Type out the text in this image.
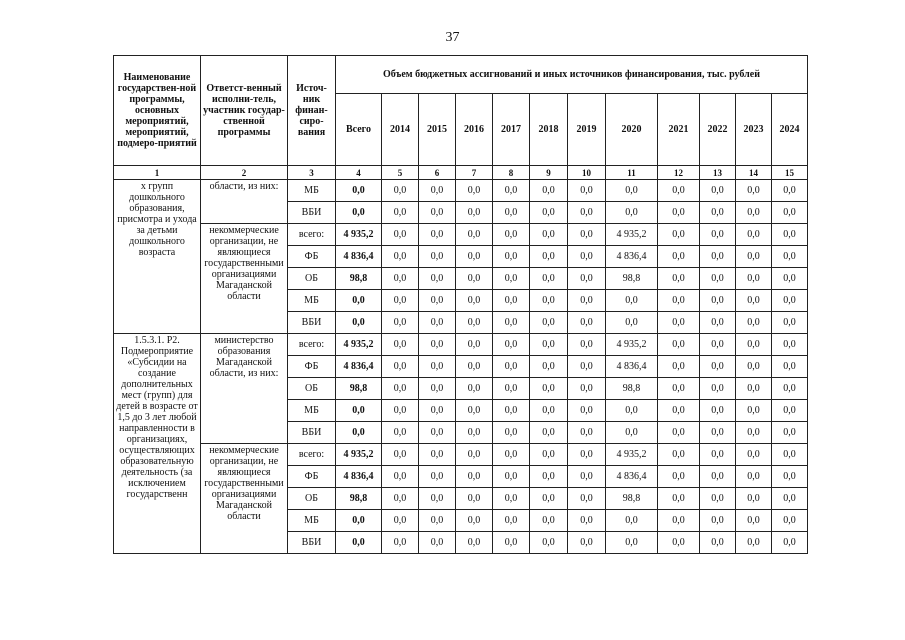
37
Наименование государствен-ной программы, основных мероприятий, мероприятий, подмеро-приятий	Ответст-венный исполни-тель, участник государ-ственной программы	Источ-ник финан-сиро-вания	Объем бюджетных ассигнований и иных источников финансирования, тыс. рублей											
			Всего	2014	2015	2016	2017	2018	2019	2020	2021	2022	2023	2024
1	2	3	4	5	6	7	8	9	10	11	12	13	14	15
х групп дошкольного образования, присмотра и ухода за детьми дошкольного возраста	области, из них:	МБ	0,0	0,0	0,0	0,0	0,0	0,0	0,0	0,0	0,0	0,0	0,0	0,0
		ВБИ	0,0	0,0	0,0	0,0	0,0	0,0	0,0	0,0	0,0	0,0	0,0	0,0
	некоммерческие организации, не являющиеся государственными организациями Магаданской области	всего:	4 935,2	0,0	0,0	0,0	0,0	0,0	0,0	4 935,2	0,0	0,0	0,0	0,0
		ФБ	4 836,4	0,0	0,0	0,0	0,0	0,0	0,0	4 836,4	0,0	0,0	0,0	0,0
		ОБ	98,8	0,0	0,0	0,0	0,0	0,0	0,0	98,8	0,0	0,0	0,0	0,0
		МБ	0,0	0,0	0,0	0,0	0,0	0,0	0,0	0,0	0,0	0,0	0,0	0,0
		ВБИ	0,0	0,0	0,0	0,0	0,0	0,0	0,0	0,0	0,0	0,0	0,0	0,0
1.5.3.1. Р2. Подмероприятие «Субсидии на создание дополнительных мест (групп) для детей в возрасте от 1,5 до 3 лет любой направленности в организациях, осуществляющих образовательную деятельность (за исключением государственн	министерство образования Магаданской области, из них:	всего:	4 935,2	0,0	0,0	0,0	0,0	0,0	0,0	4 935,2	0,0	0,0	0,0	0,0
		ФБ	4 836,4	0,0	0,0	0,0	0,0	0,0	0,0	4 836,4	0,0	0,0	0,0	0,0
		ОБ	98,8	0,0	0,0	0,0	0,0	0,0	0,0	98,8	0,0	0,0	0,0	0,0
		МБ	0,0	0,0	0,0	0,0	0,0	0,0	0,0	0,0	0,0	0,0	0,0	0,0
		ВБИ	0,0	0,0	0,0	0,0	0,0	0,0	0,0	0,0	0,0	0,0	0,0	0,0
	некоммерческие организации, не являющиеся государственными организациями Магаданской области	всего:	4 935,2	0,0	0,0	0,0	0,0	0,0	0,0	4 935,2	0,0	0,0	0,0	0,0
		ФБ	4 836,4	0,0	0,0	0,0	0,0	0,0	0,0	4 836,4	0,0	0,0	0,0	0,0
		ОБ	98,8	0,0	0,0	0,0	0,0	0,0	0,0	98,8	0,0	0,0	0,0	0,0
		МБ	0,0	0,0	0,0	0,0	0,0	0,0	0,0	0,0	0,0	0,0	0,0	0,0
		ВБИ	0,0	0,0	0,0	0,0	0,0	0,0	0,0	0,0	0,0	0,0	0,0	0,0
